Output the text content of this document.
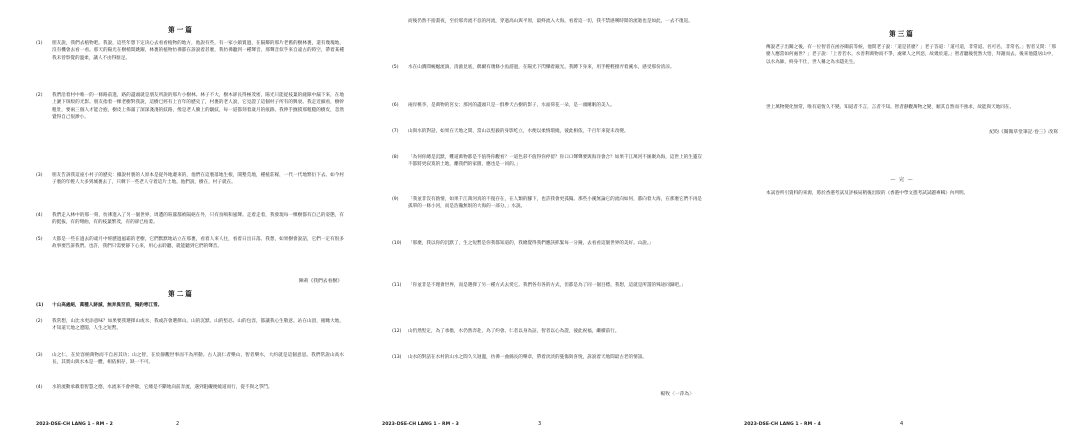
第一篇
(1) 朋友說，我們去植物吧。我說，這些年想下定決心去看看植物的地方，他說有些，有一家小鎮賣過，在隔鄰的那片老舊的樹林裏，還有幾塊地，沒有機會去看一看。那天的陽光在樹梢間跳躍，林裏的植物彷彿都在訴說着甚麼，我彷彿聽到一種聲音，那聲音似乎來自遠古的時空，帶着某種我未曾察覺的溫柔，讓人不由得駐足。
(2) 我們沿着村中唯一的一條路前進，路的盡頭就是朋友所說的那片小樹林。林子不大，樹木卻長得極茂密，陽光只能從枝葉的縫隙中漏下來，在地上灑下斑駁的光影。朋友指着一棵老樹對我說，這樹已經有上百年的歷史了，村裏的老人說，它見證了這個村子所有的興衰。我走近細看，樹幹粗壯，要兩三個人才能合抱，樹皮上佈滿了深深淺淺的紋路，像是老人臉上的皺紋，每一道都刻着歲月的痕跡。我伸手撫摸那粗糙的樹皮，忽然覺得自己很渺小。
(3) 朋友告訴我這座小村子的歷史：據說村裏的人原本是從外地遷來的，他們在這裏落地生根，開墾荒地，種植莊稼，一代一代地繁衍下去。如今村子裏的年輕人大多到城裏去了，只剩下一些老人守着這片土地。他們說，樹在，村子就在。
(4) 我們走入林中的那一刻，彷彿進入了另一個世界，周遭的喧囂都被隔絕在外，只有鳥鳴和風聲。走着走着，我發現每一棵樹都有自己的姿態，有的挺拔，有的彎曲，有的枝葉繁茂，有的卻已枯萎。
(5) 大都是一些在過去的歲月中經歷過風霜的老樹，它們默默地站立在那裏，看着人來人往，看着日出日落。我想，如果樹會說話，它們一定有很多故事要告訴我們。也許，我們只需要靜下心來，用心去聆聽，就能聽到它們的聲音。
陳莉《我們去看樹》
第二篇
(1) 十山高處絕，萬種人跡滅，無奔異至前，獨釣寒江雪。
(2) 我常想，山比水更添意味？如果要我選擇山或水，我或許會選擇山。山的沉默、山的堅忍、山的包容，都讓我心生敬意。站在山頂，俯瞰大地，才知道天地之遼闊，人生之短暫。
(3) 山之仁，在於容納萬物而不自居其功；山之智，在於靜觀世事而不為所動。古人說仁者樂山，智者樂水，大約就是這個意思。我們常說山高水長，其實山與水本是一體，相依相存，缺一不可。
(4) 水的流動承載着智慧之德，水流來不會停歇，它總是不斷地向前奔流，遇到阻礙便繞道而行，從不與之爭鬥。
2023-DSE-CH LANG 1 – RM – 2	2
而後仍然不捨畫夜，至於那奔流不息的河流，穿過高山與平原，最終流入大海。看着這一切，我不禁感嘆時間的流逝也是如此，一去不復返。
(5) 水在山澗間蜿蜒流淌，清澈見底，偶爾有幾條小魚游過，在陽光下閃爍着銀光。我蹲下身來，用手輕輕撥弄着溪水，感受那份清涼。
(6) 兩岸桃李，是萬物的宮女；那河的盡頭只是一群參天古樹的影子，水面荷花一朵，是一頭睡眠的美人。
(7) 山與水的對話，如果在天地之間，當山以堅毅的身影屹立，水便以柔情環繞，彼此相依，千百年來從未改變。
(8) 「為何你總是沉默，難道萬物都是不值得你觀看？一道色彩不值得你停留？你口口聲聲要與海洋會合？如果千江萬河不匯聚為海，這世上的生靈豈不都將更寂寞的土地，離我們的家園，應也是一同的。」
(9) 「我並非沒有熱情，如果千江萬河真的不復存在，在人類的腳下，也許我會更孤獨。那些小溪無論它的流向如何，都向着大海，在那裏它們不再是孤單的一條小河，而是浩瀚無垠的大海的一部分。」水說。
(10) 「那麼，我以你的沉默了，生之短暫是你我都知道的，我總覺得我們應該抓緊每一分鐘，去看看這個世界的美好。山說。」
(11) 「你並非是不理會世界，而是選擇了另一種方式去愛它。我們各有各的方式，但都是為了同一個目標。我想，這就是所謂的殊途同歸吧。」
(12) 山仍然堅定，為了承擔，水仍然奔赴，為了約會。仁者以身為証，智者以心為證，彼此祝福，繼續前行。
(13) 山水的對話在水村的山水之間久久迴盪，彷彿一曲綿長的樂章，帶着淡淡的憂傷與喜悅，訴說着天地間最古老的情誼。
楊牧〈一萍為〉
2023-DSE-CH LANG 1 – RM – 3	3
第三篇
傳說老子出關之後，有一位智者在函谷關前等候，他問老子說：「道是甚麼？」老子答道：「道可道，非常道。名可名，非常名。」智者又問：「那麼人應當如何處世？」老子說：「上善若水。水善利萬物而不爭，處眾人之所惡，故幾於道。」智者聽後恍然大悟，拜謝而去。後來他隱居山中，以水為師，終身不仕，世人稱之為水隱先生。
世上萬物變化無常，唯有道恆久不變。知道者不言，言者不知。智者靜觀萬物之變，順其自然而不強求，故能與天地同在。
紀昀《閱微草堂筆記·卷三》改寫
— 完 —
本試卷所引資料的來源，將於香港考試及評核局稍後出版的《香港中學文憑考試試題專輯》內列明。
2023-DSE-CH LANG 1 – RM – 4	4
